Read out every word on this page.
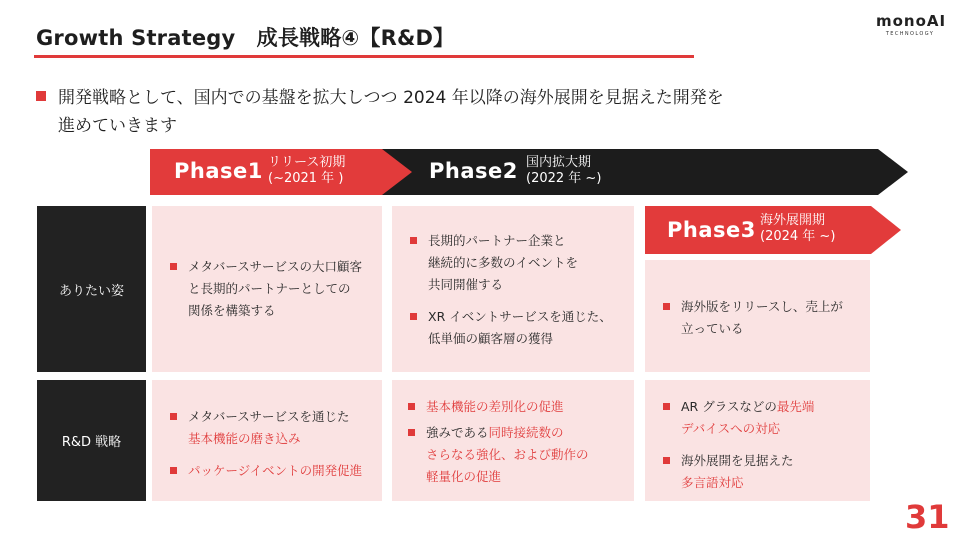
Growth Strategy　成長戦略④【R&D】
monoAI
TECHNOLOGY
開発戦略として、国内での基盤を拡大しつつ 2024 年以降の海外展開を見据えた開発を
進めていきます
Phase1 リリース初期
(~2021 年 )	Phase2 国内拡大期
(2022 年 ~)
ありたい姿
R&D 戦略
メタバースサービスの大口顧客
と長期的パートナーとしての
関係を構築する
長期的パートナー企業と
継続的に多数のイベントを
共同開催する
XR イベントサービスを通じた、
低単価の顧客層の獲得
海外版をリリースし、売上が
立っている
Phase3 海外展開期
(2024 年 ~)
メタバースサービスを通じた
基本機能の磨き込み
パッケージイベントの開発促進
基本機能の差別化の促進
強みである同時接続数の
さらなる強化、および動作の
軽量化の促進
AR グラスなどの最先端
デバイスへの対応
海外展開を見据えた
多言語対応
31
